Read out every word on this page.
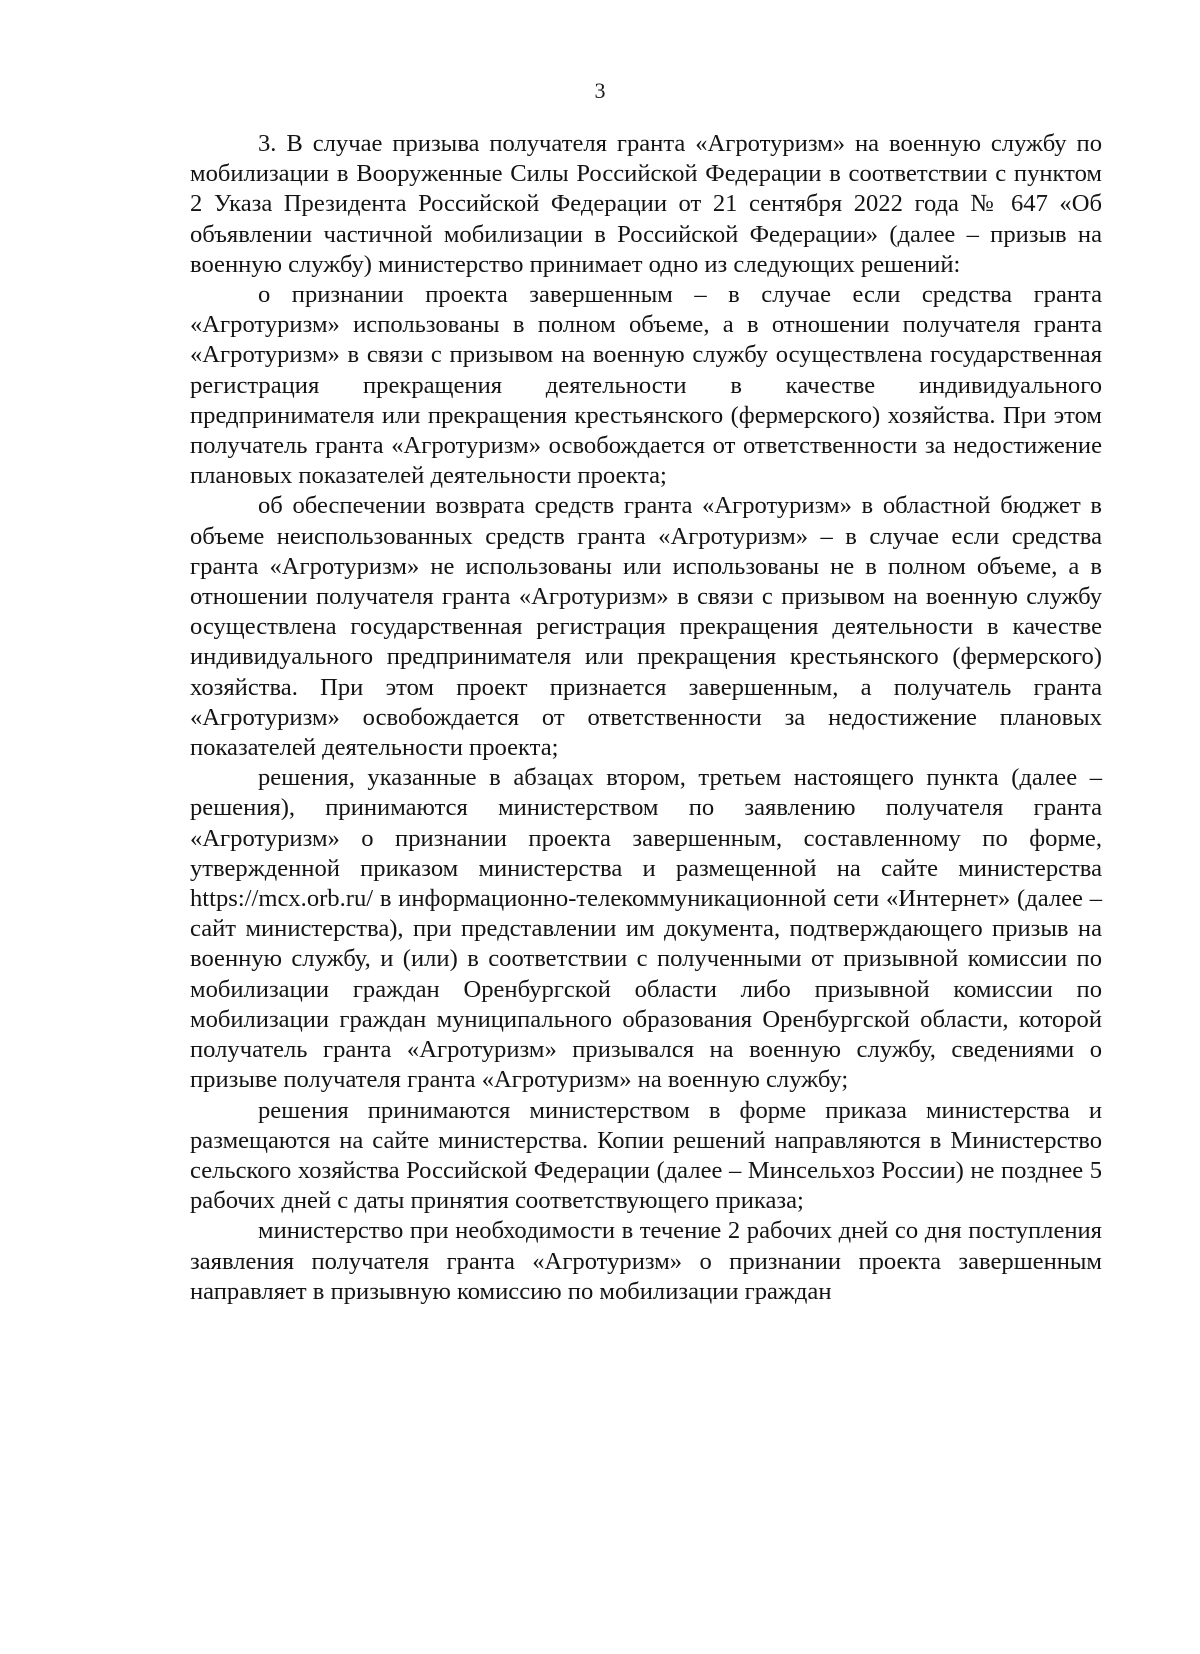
3

3. В случае призыва получателя гранта «Агротуризм» на военную службу по мобилизации в Вооруженные Силы Российской Федерации в соответствии с пунктом 2 Указа Президента Российской Федерации от 21 сентября 2022 года № 647 «Об объявлении частичной мобилизации в Российской Федерации» (далее – призыв на военную службу) министерство принимает одно из следующих решений:

о признании проекта завершенным – в случае если средства гранта «Агротуризм» использованы в полном объеме, а в отношении получателя гранта «Агротуризм» в связи с призывом на военную службу осуществлена государственная регистрация прекращения деятельности в качестве индивидуального предпринимателя или прекращения крестьянского (фермерского) хозяйства. При этом получатель гранта «Агротуризм» освобождается от ответственности за недостижение плановых показателей деятельности проекта;

об обеспечении возврата средств гранта «Агротуризм» в областной бюджет в объеме неиспользованных средств гранта «Агротуризм» – в случае если средства гранта «Агротуризм» не использованы или использованы не в полном объеме, а в отношении получателя гранта «Агротуризм» в связи с призывом на военную службу осуществлена государственная регистрация прекращения деятельности в качестве индивидуального предпринимателя или прекращения крестьянского (фермерского) хозяйства. При этом проект признается завершенным, а получатель гранта «Агротуризм» освобождается от ответственности за недостижение плановых показателей деятельности проекта;

решения, указанные в абзацах втором, третьем настоящего пункта (далее – решения), принимаются министерством по заявлению получателя гранта «Агротуризм» о признании проекта завершенным, составленному по форме, утвержденной приказом министерства и размещенной на сайте министерства https://mcx.orb.ru/ в информационно-телекоммуникационной сети «Интернет» (далее – сайт министерства), при представлении им документа, подтверждающего призыв на военную службу, и (или) в соответствии с полученными от призывной комиссии по мобилизации граждан Оренбургской области либо призывной комиссии по мобилизации граждан муниципального образования Оренбургской области, которой получатель гранта «Агротуризм» призывался на военную службу, сведениями о призыве получателя гранта «Агротуризм» на военную службу;

решения принимаются министерством в форме приказа министерства и размещаются на сайте министерства. Копии решений направляются в Министерство сельского хозяйства Российской Федерации (далее – Минсельхоз России) не позднее 5 рабочих дней с даты принятия соответствующего приказа;

министерство при необходимости в течение 2 рабочих дней со дня поступления заявления получателя гранта «Агротуризм» о признании проекта завершенным направляет в призывную комиссию по мобилизации граждан
